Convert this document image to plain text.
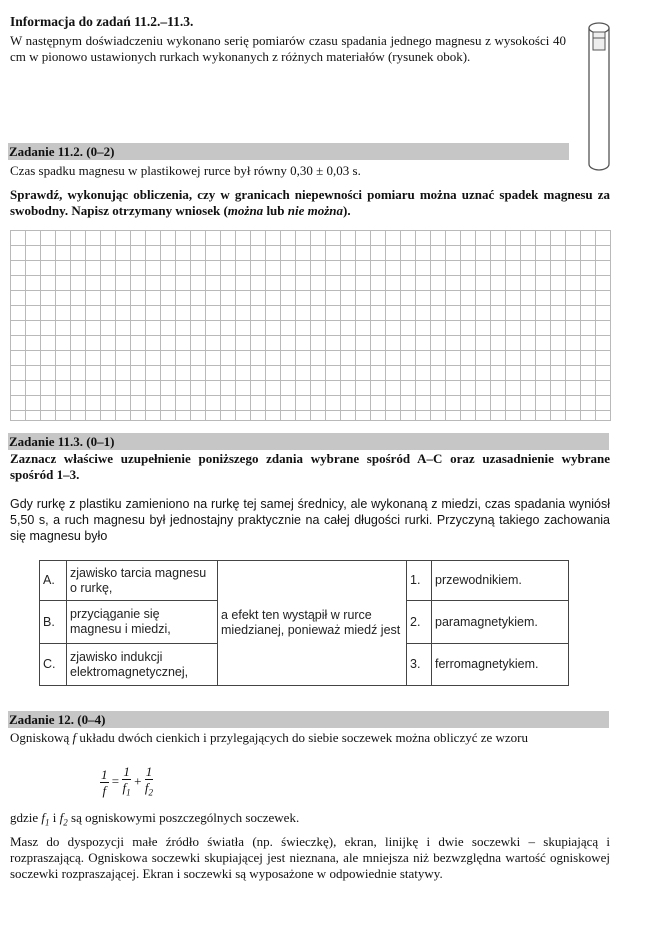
Informacja do zadań 11.2.–11.3.
W następnym doświadczeniu wykonano serię pomiarów czasu spadania jednego magnesu z wysokości 40 cm w pionowo ustawionych rurkach wykonanych z różnych materiałów (rysunek obok).
Zadanie 11.2. (0–2)
Czas spadku magnesu w plastikowej rurce był równy 0,30 ± 0,03 s.
Sprawdź, wykonując obliczenia, czy w granicach niepewności pomiaru można uznać spadek magnesu za swobodny. Napisz otrzymany wniosek (można lub nie można).
Zadanie 11.3. (0–1)
Zaznacz właściwe uzupełnienie poniższego zdania wybrane spośród A–C oraz uzasadnienie wybrane spośród 1–3.
Gdy rurkę z plastiku zamieniono na rurkę tej samej średnicy, ale wykonaną z miedzi, czas spadania wyniósł 5,50 s, a ruch magnesu był jednostajny praktycznie na całej długości rurki. Przyczyną takiego zachowania się magnesu było
A.	zjawisko tarcia magnesu o rurkę,	a efekt ten wystąpił w rurce miedzianej, ponieważ miedź jest	1.	przewodnikiem.
B.	przyciąganie się magnesu i miedzi,		2.	paramagnetykiem.
C.	zjawisko indukcji elektromagnetycznej,		3.	ferromagnetykiem.
Zadanie 12. (0–4)
Ogniskową f układu dwóch cienkich i przylegających do siebie soczewek można obliczyć ze wzoru
$\frac{1}{f} = \frac{1}{f_1} + \frac{1}{f_2}$
gdzie $f_1$ i $f_2$ są ogniskowymi poszczególnych soczewek.
Masz do dyspozycji małe źródło światła (np. świeczkę), ekran, linijkę i dwie soczewki – skupiającą i rozpraszającą. Ogniskowa soczewki skupiającej jest nieznana, ale mniejsza niż bezwzględna wartość ogniskowej soczewki rozpraszającej. Ekran i soczewki są wyposażone w odpowiednie statywy.
